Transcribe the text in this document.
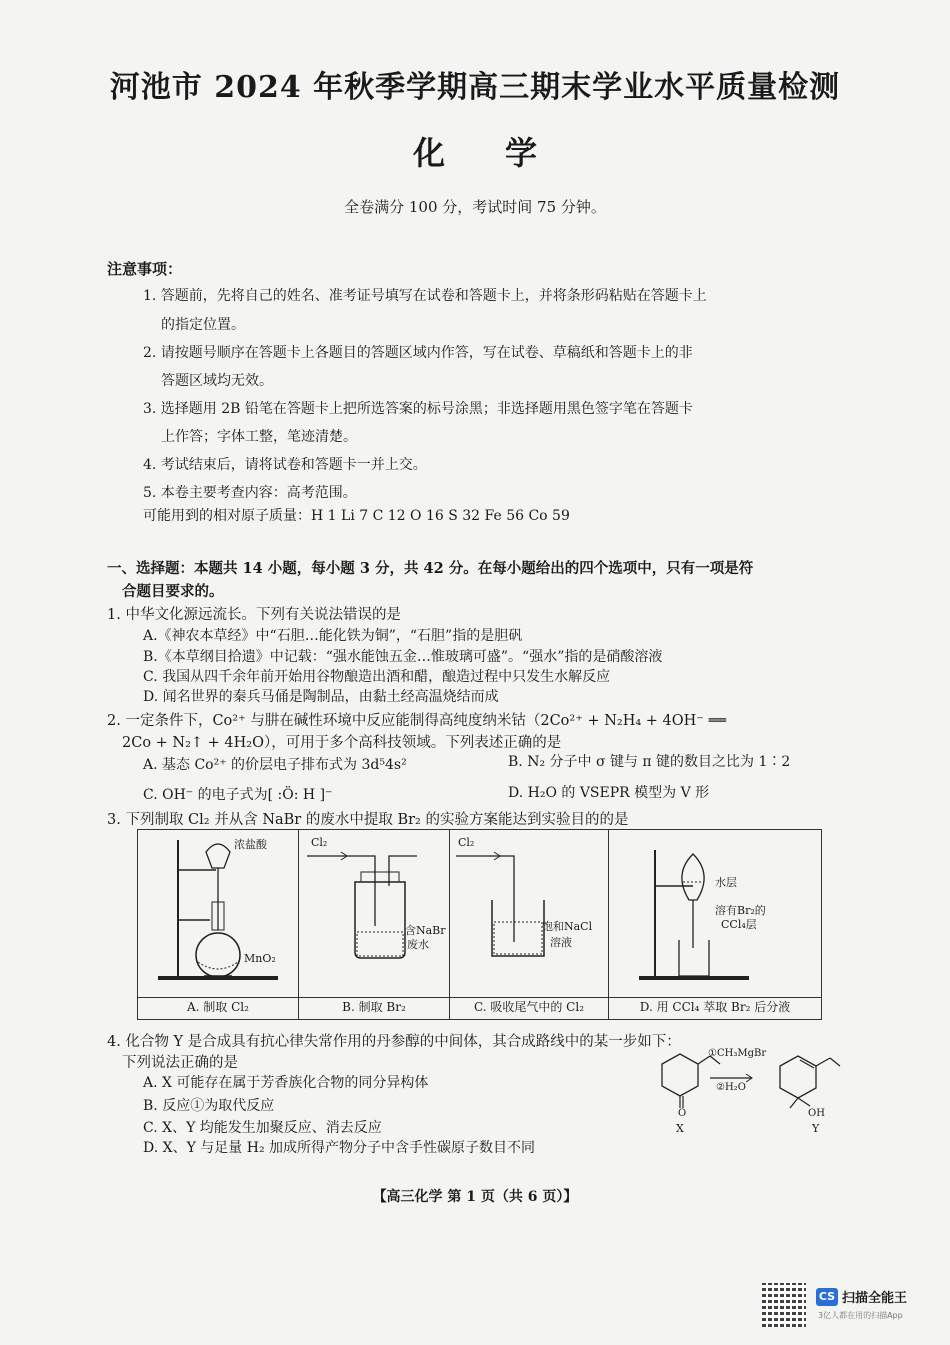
河池市 2024 年秋季学期高三期末学业水平质量检测
化学
全卷满分 100 分，考试时间 75 分钟。
注意事项：
1. 答题前，先将自己的姓名、准考证号填写在试卷和答题卡上，并将条形码粘贴在答题卡上
的指定位置。
2. 请按题号顺序在答题卡上各题目的答题区域内作答，写在试卷、草稿纸和答题卡上的非
答题区域均无效。
3. 选择题用 2B 铅笔在答题卡上把所选答案的标号涂黑；非选择题用黑色签字笔在答题卡
上作答；字体工整，笔迹清楚。
4. 考试结束后，请将试卷和答题卡一并上交。
5. 本卷主要考查内容：高考范围。
可能用到的相对原子质量：H 1 Li 7 C 12 O 16 S 32 Fe 56 Co 59
一、选择题：本题共 14 小题，每小题 3 分，共 42 分。在每小题给出的四个选项中，只有一项是符
合题目要求的。
1. 中华文化源远流长。下列有关说法错误的是
A.《神农本草经》中“石胆…能化铁为铜”，“石胆”指的是胆矾
B.《本草纲目拾遗》中记载：“强水能蚀五金…惟玻璃可盛”。“强水”指的是硝酸溶液
C. 我国从四千余年前开始用谷物酿造出酒和醋，酿造过程中只发生水解反应
D. 闻名世界的秦兵马俑是陶制品，由黏土经高温烧结而成
2. 一定条件下，Co²⁺ 与肼在碱性环境中反应能制得高纯度纳米钴（2Co²⁺ + N₂H₄ + 4OH⁻ ══
2Co + N₂↑ + 4H₂O），可用于多个高科技领域。下列表述正确的是
A. 基态 Co²⁺ 的价层电子排布式为 3d⁵4s²	B. N₂ 分子中 σ 键与 π 键的数目之比为 1∶2
C. OH⁻ 的电子式为[ :Ö: H ]⁻	D. H₂O 的 VSEPR 模型为 V 形
3. 下列制取 Cl₂ 并从含 NaBr 的废水中提取 Br₂ 的实验方案能达到实验目的的是
浓盐酸
MnO₂	Cl₂
含NaBr
废水	Cl₂
饱和NaCl
溶液	水层
溶有Br₂的
CCl₄层

A. 制取 Cl₂	B. 制取 Br₂	C. 吸收尾气中的 Cl₂	D. 用 CCl₄ 萃取 Br₂ 后分液
4. 化合物 Y 是合成具有抗心律失常作用的丹参醇的中间体，其合成路线中的某一步如下：
下列说法正确的是
A. X 可能存在属于芳香族化合物的同分异构体
B. 反应①为取代反应
C. X、Y 均能发生加聚反应、消去反应
D. X、Y 与足量 H₂ 加成所得产物分子中含手性碳原子数目不同
①CH₃MgBr
②H₂O
O	OH
X	Y
【高三化学 第 1 页（共 6 页）】
CS 扫描全能王
3亿人都在用的扫描App
